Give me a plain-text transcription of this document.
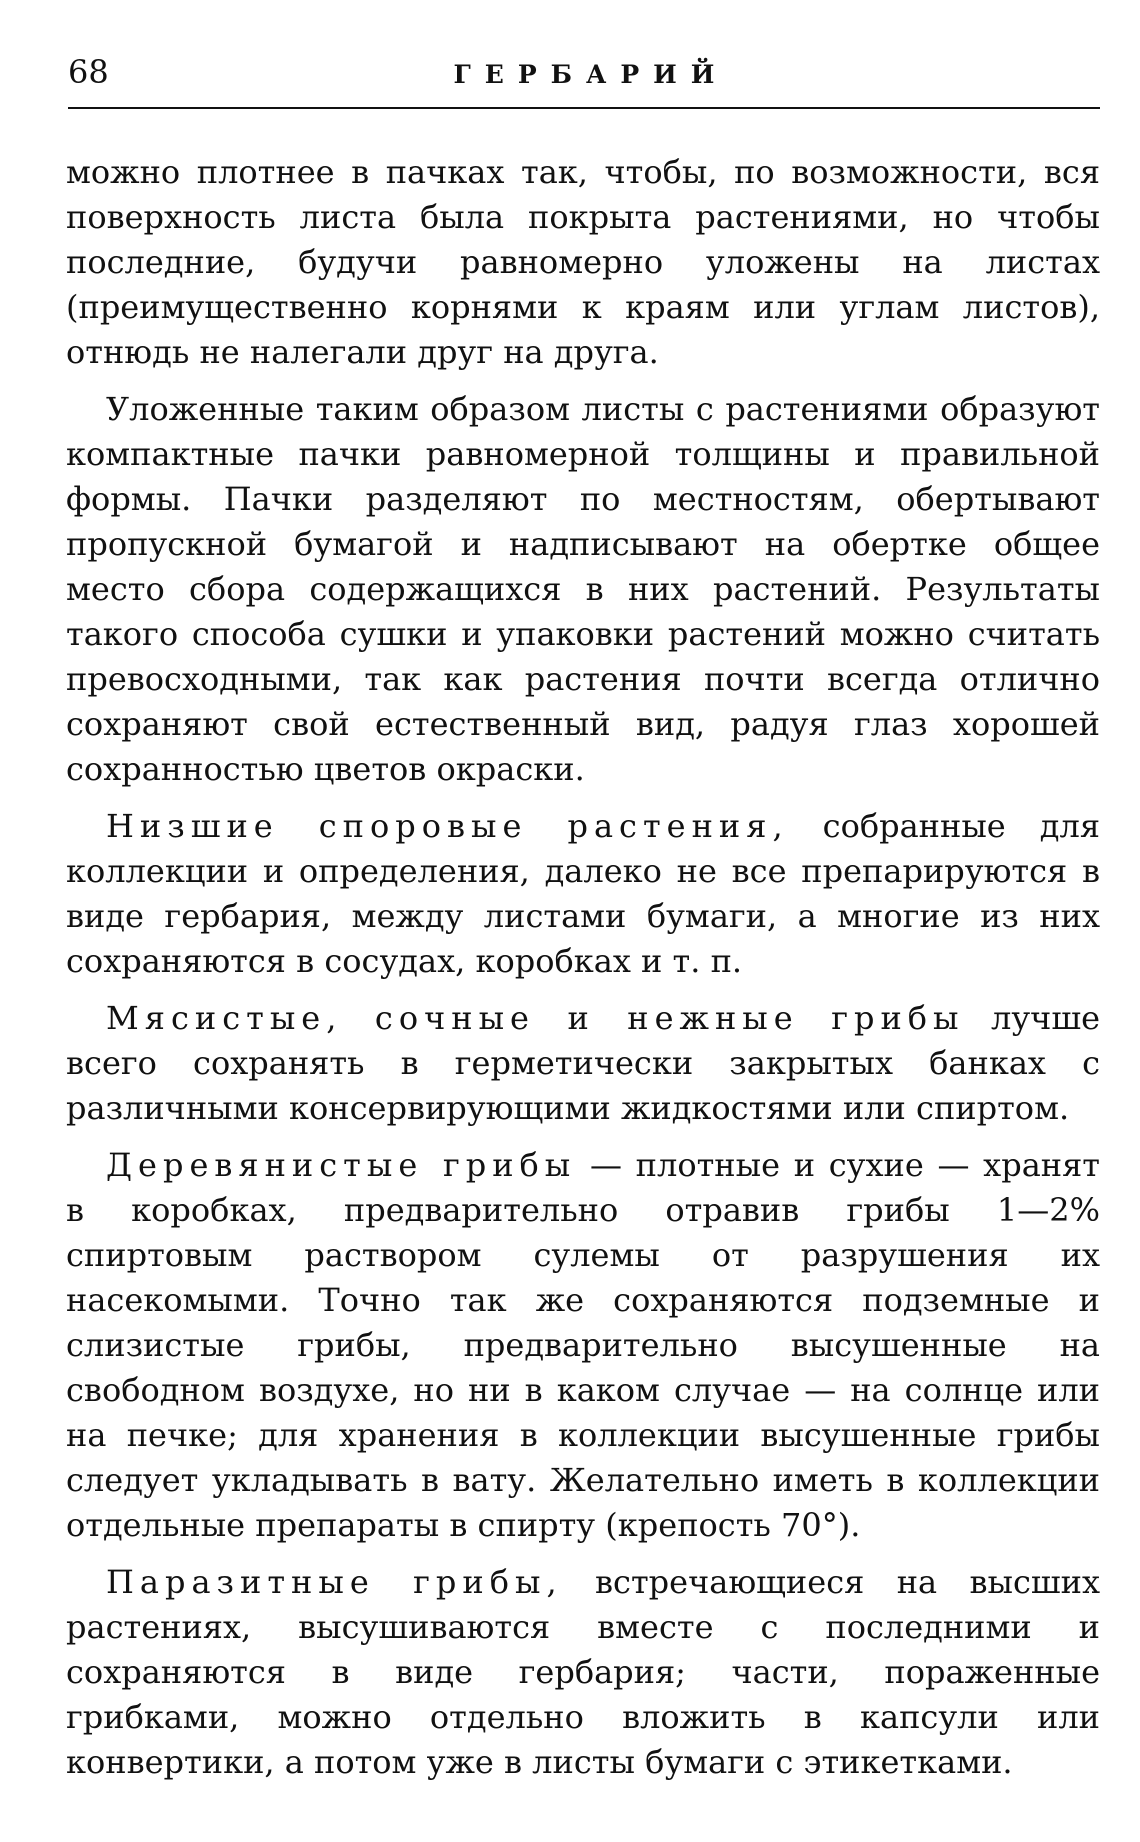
68	ГЕРБАРИЙ

можно плотнее в пачках так, чтобы, по возможности, вся поверхность листа была покрыта растениями, но чтобы последние, будучи равномерно уложены на листах (преимущественно корнями к краям или углам листов), отнюдь не налегали друг на друга.

Уложенные таким образом листы с растениями образуют компактные пачки равномерной толщины и правильной формы. Пачки разделяют по местностям, обертывают пропускной бумагой и надписывают на обертке общее место сбора содержащихся в них растений. Результаты такого способа сушки и упаковки растений можно считать превосходными, так как растения почти всегда отлично сохраняют свой естественный вид, радуя глаз хорошей сохранностью цветов окраски.

Низшие споровые растения, собранные для коллекции и определения, далеко не все препарируются в виде гербария, между листами бумаги, а многие из них сохраняются в сосудах, коробках и т. п.

Мясистые, сочные и нежные грибы лучше всего сохранять в герметически закрытых банках с различными консервирующими жидкостями или спиртом.

Деревянистые грибы — плотные и сухие — хранят в коробках, предварительно отравив грибы 1—2% спиртовым раствором сулемы от разрушения их насекомыми. Точно так же сохраняются подземные и слизистые грибы, предварительно высушенные на свободном воздухе, но ни в каком случае — на солнце или на печке; для хранения в коллекции высушенные грибы следует укладывать в вату. Желательно иметь в коллекции отдельные препараты в спирту (крепость 70°).

Паразитные грибы, встречающиеся на высших растениях, высушиваются вместе с последними и сохраняются в виде гербария; части, пораженные грибками, можно отдельно вложить в капсули или конвертики, а потом уже в листы бумаги с этикетками.
